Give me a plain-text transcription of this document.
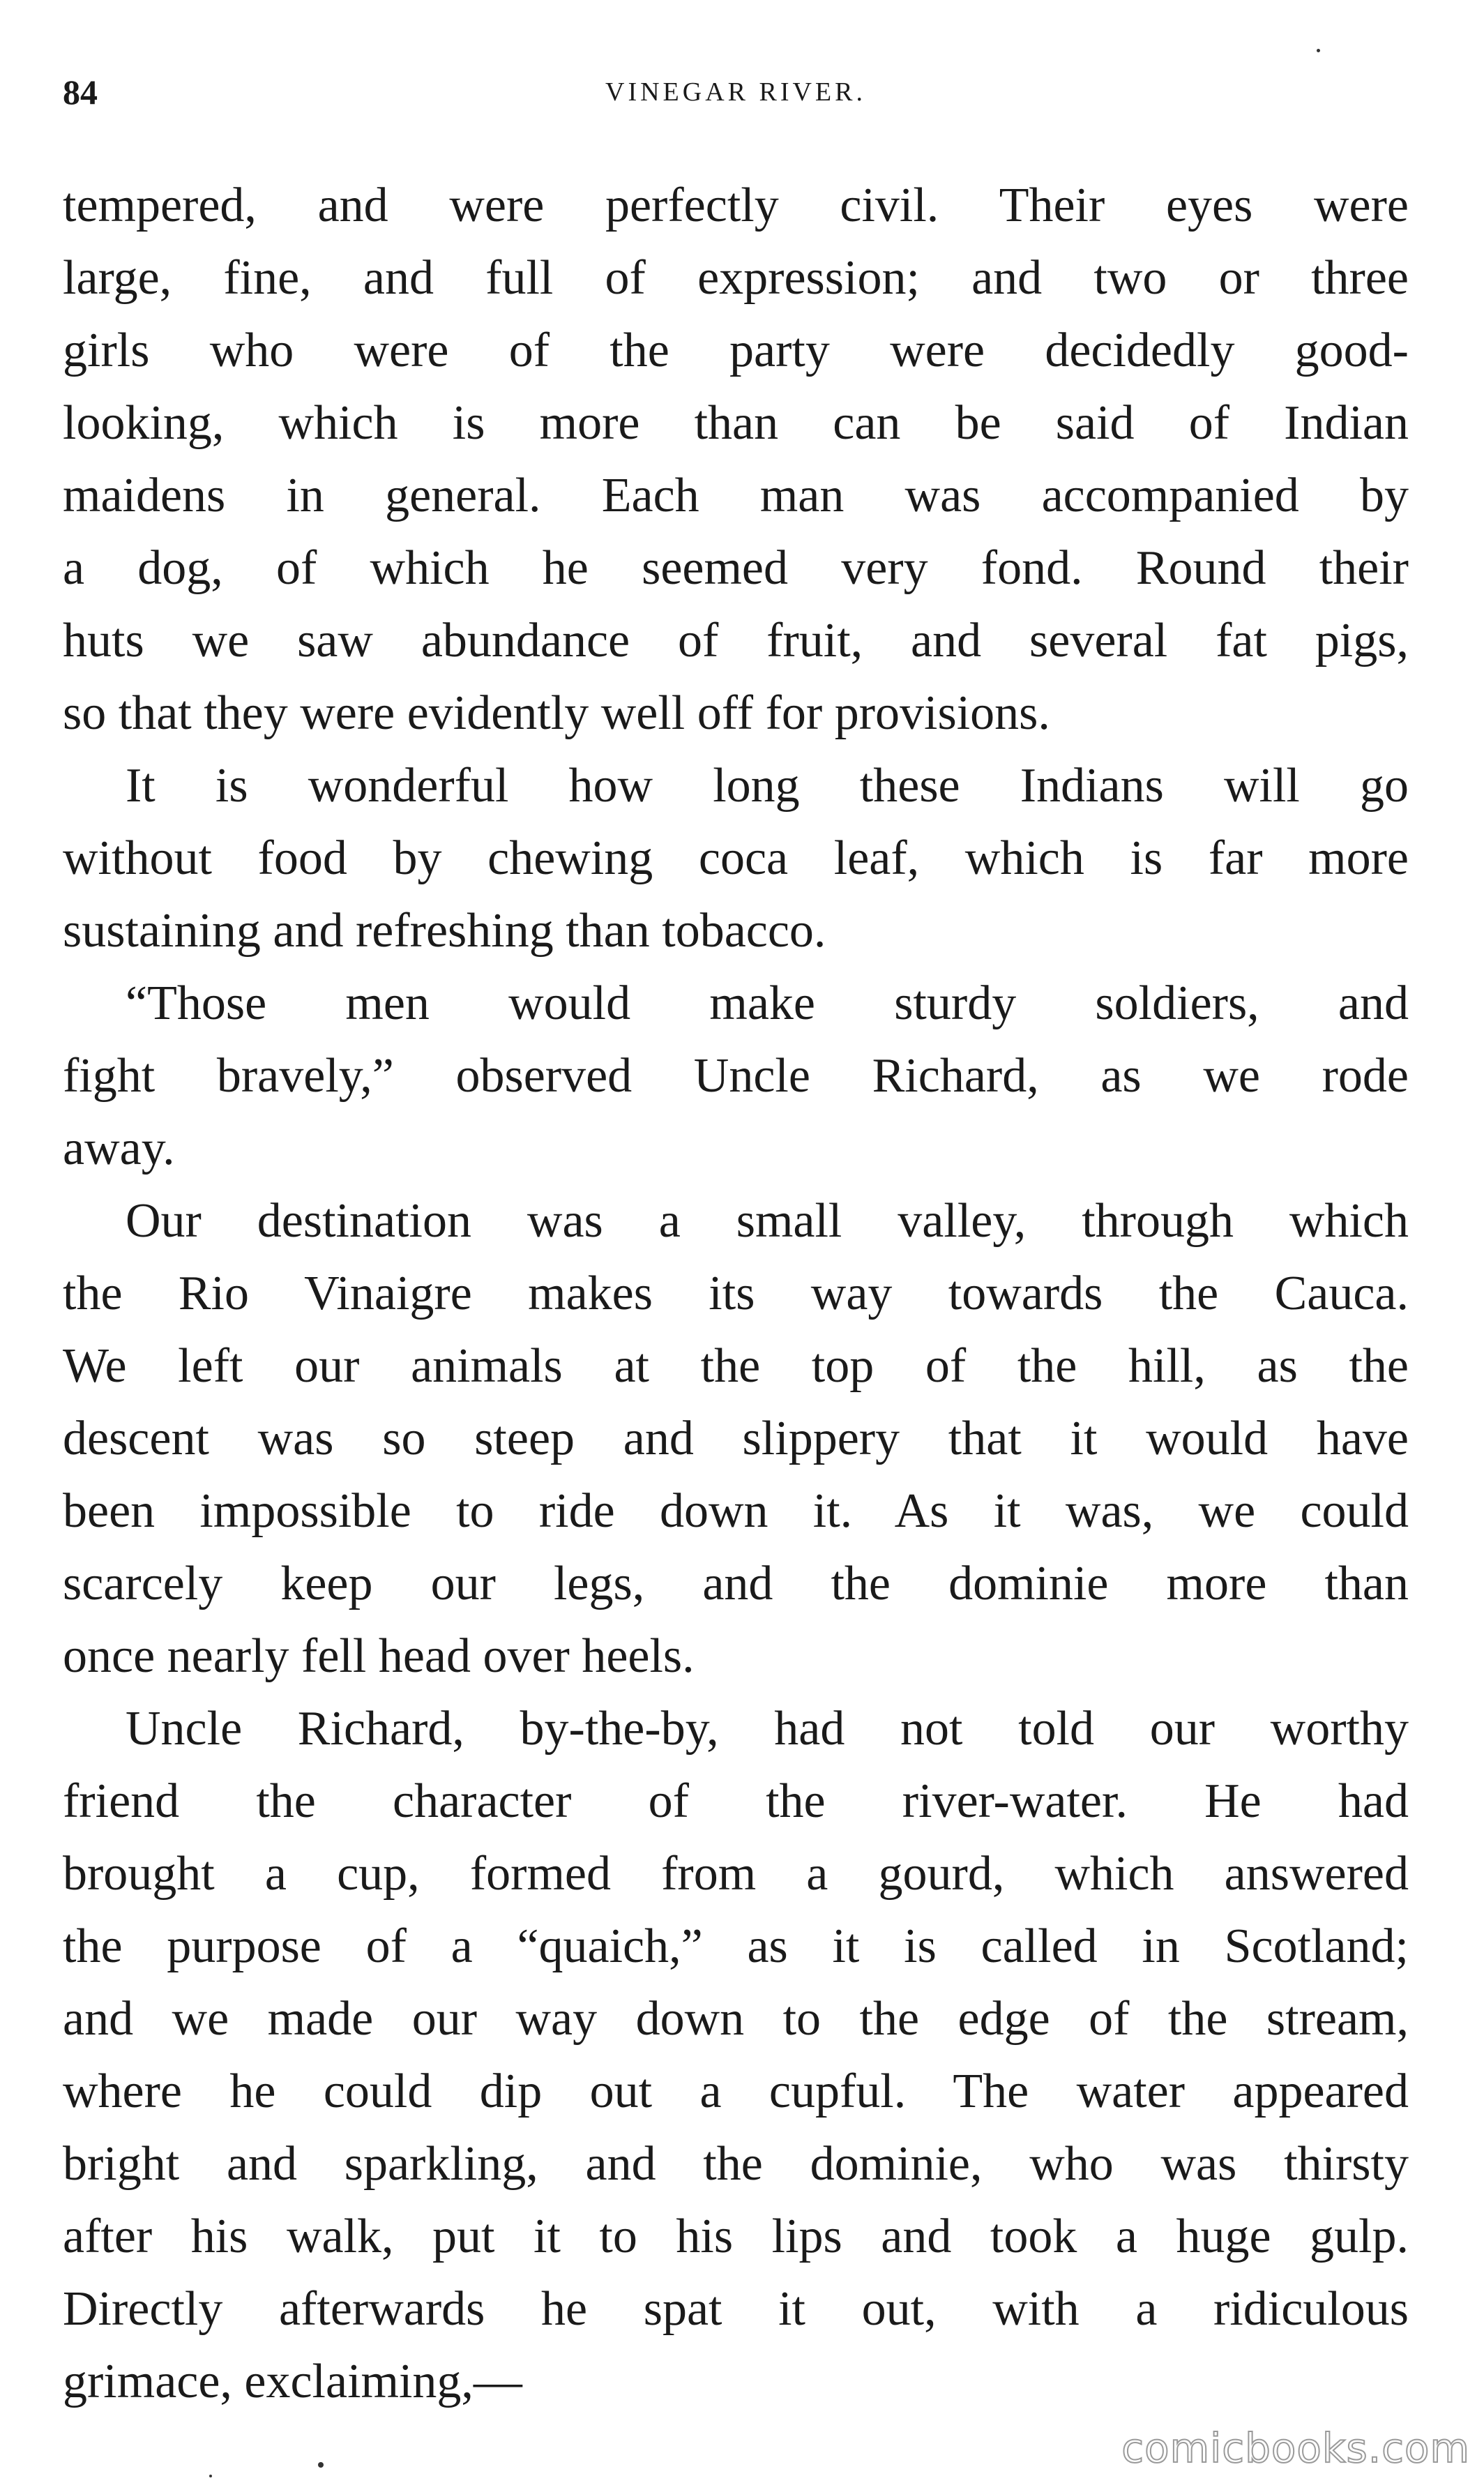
84	VINEGAR RIVER.

tempered, and were perfectly civil. Their eyes were
large, fine, and full of expression; and two or three
girls who were of the party were decidedly good-
looking, which is more than can be said of Indian
maidens in general. Each man was accompanied by
a dog, of which he seemed very fond. Round their
huts we saw abundance of fruit, and several fat pigs,
so that they were evidently well off for provisions.

It is wonderful how long these Indians will go
without food by chewing coca leaf, which is far more
sustaining and refreshing than tobacco.

“Those men would make sturdy soldiers, and
fight bravely,” observed Uncle Richard, as we rode
away.

Our destination was a small valley, through which
the Rio Vinaigre makes its way towards the Cauca.
We left our animals at the top of the hill, as the
descent was so steep and slippery that it would have
been impossible to ride down it. As it was, we could
scarcely keep our legs, and the dominie more than
once nearly fell head over heels.

Uncle Richard, by-the-by, had not told our worthy
friend the character of the river-water. He had
brought a cup, formed from a gourd, which answered
the purpose of a “quaich,” as it is called in Scotland;
and we made our way down to the edge of the stream,
where he could dip out a cupful. The water appeared
bright and sparkling, and the dominie, who was thirsty
after his walk, put it to his lips and took a huge gulp.
Directly afterwards he spat it out, with a ridiculous
grimace, exclaiming,—

comicbooks.com
